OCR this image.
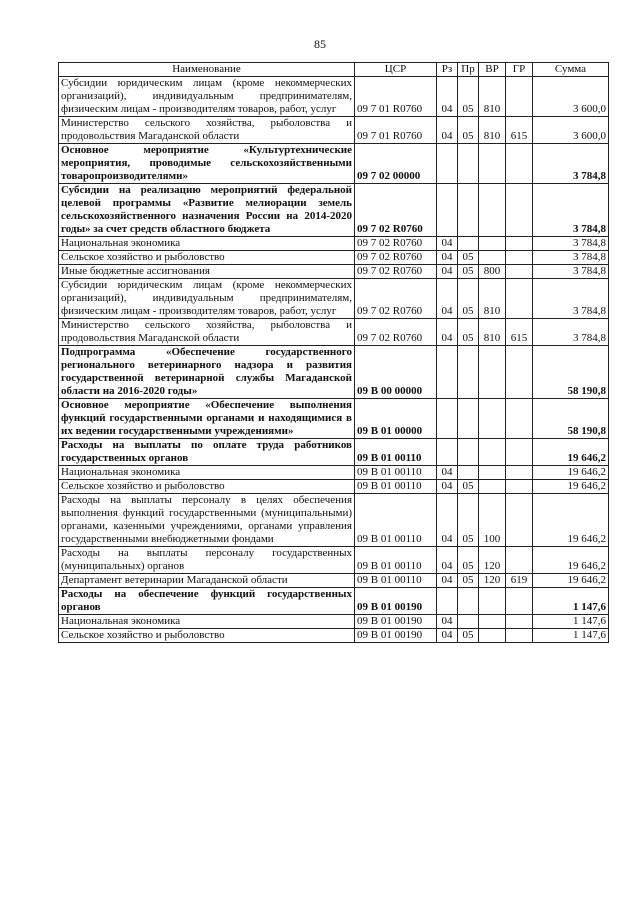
85
Наименование	ЦСР	Рз	Пр	ВР	ГР	Сумма
Субсидии юридическим лицам (кроме некоммерческих организаций), индивидуальным предпринимателям, физическим лицам - производителям товаров, работ, услуг	09 7 01 R0760	04	05	810		3 600,0
Министерство сельского хозяйства, рыболовства и продовольствия Магаданской области	09 7 01 R0760	04	05	810	615	3 600,0
Основное мероприятие «Культуртехнические мероприятия, проводимые сельскохозяйственными товаропроизводителями»	09 7 02 00000					3 784,8
Субсидии на реализацию мероприятий федеральной целевой программы «Развитие мелиорации земель сельскохозяйственного назначения России на 2014-2020 годы» за счет средств областного бюджета	09 7 02 R0760					3 784,8
Национальная экономика	09 7 02 R0760	04				3 784,8
Сельское хозяйство и рыболовство	09 7 02 R0760	04	05			3 784,8
Иные бюджетные ассигнования	09 7 02 R0760	04	05	800		3 784,8
Субсидии юридическим лицам (кроме некоммерческих организаций), индивидуальным предпринимателям, физическим лицам - производителям товаров, работ, услуг	09 7 02 R0760	04	05	810		3 784,8
Министерство сельского хозяйства, рыболовства и продовольствия Магаданской области	09 7 02 R0760	04	05	810	615	3 784,8
Подпрограмма «Обеспечение государственного регионального ветеринарного надзора и развития государственной ветеринарной службы Магаданской области на 2016-2020 годы»	09 В 00 00000					58 190,8
Основное мероприятие «Обеспечение выполнения функций государственными органами и находящимися в их ведении государственными учреждениями»	09 В 01 00000					58 190,8
Расходы на выплаты по оплате труда работников государственных органов	09 В 01 00110					19 646,2
Национальная экономика	09 В 01 00110	04				19 646,2
Сельское хозяйство и рыболовство	09 В 01 00110	04	05			19 646,2
Расходы на выплаты персоналу в целях обеспечения выполнения функций государственными (муниципальными) органами, казенными учреждениями, органами управления государственными внебюджетными фондами	09 В 01 00110	04	05	100		19 646,2
Расходы на выплаты персоналу государственных (муниципальных) органов	09 В 01 00110	04	05	120		19 646,2
Департамент ветеринарии Магаданской области	09 В 01 00110	04	05	120	619	19 646,2
Расходы на обеспечение функций государственных органов	09 В 01 00190					1 147,6
Национальная экономика	09 В 01 00190	04				1 147,6
Сельское хозяйство и рыболовство	09 В 01 00190	04	05			1 147,6
